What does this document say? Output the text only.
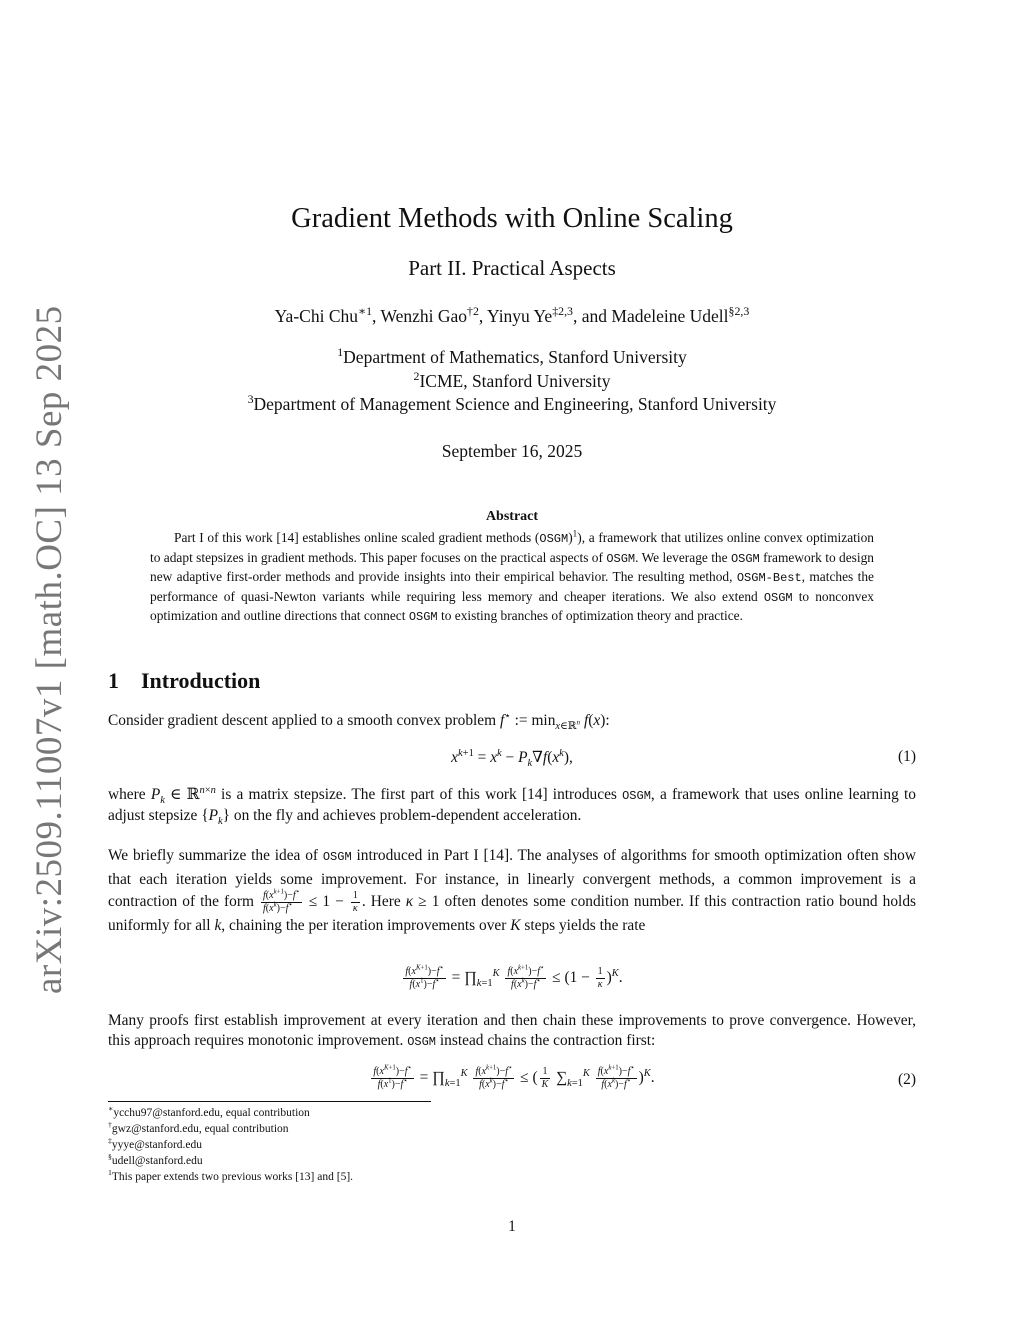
arXiv:2509.11007v1 [math.OC] 13 Sep 2025
Gradient Methods with Online Scaling
Part II. Practical Aspects
Ya-Chi Chu$^{∗1}$, Wenzhi Gao$^{\dagger 2}$, Yinyu Ye$^{\ddagger 2,3}$, and Madeleine Udell$^{\S 2,3}$
$^1$Department of Mathematics, Stanford University
$^2$ICME, Stanford University
$^3$Department of Management Science and Engineering, Stanford University
September 16, 2025
Abstract
Part I of this work [14] establishes online scaled gradient methods (OSGM)$^1$), a framework that utilizes online convex optimization to adapt stepsizes in gradient methods. This paper focuses on the practical aspects of OSGM. We leverage the OSGM framework to design new adaptive first-order methods and provide insights into their empirical behavior. The resulting method, OSGM-Best, matches the performance of quasi-Newton variants while requiring less memory and cheaper iterations. We also extend OSGM to nonconvex optimization and outline directions that connect OSGM to existing branches of optimization theory and practice.
1 Introduction
Consider gradient descent applied to a smooth convex problem f⋆ := $\min_{x\in ℝ^n} f(x)$:
$x^{k+1} = x^k - P_k\nabla f(x^k)$,	(1)
where $P_k$ ∈ ℝ$^{n\times n}$ is a matrix stepsize. The first part of this work [14] introduces OSGM, a framework that uses online learning to adjust stepsize $\{P_k\}$ on the fly and achieves problem-dependent acceleration.
We briefly summarize the idea of OSGM introduced in Part I [14]. The analyses of algorithms for smooth optimization often show that each iteration yields some improvement. For instance, in linearly convergent methods, a common improvement is a contraction of the form $\frac{f(x^{k+1})-f^⋆}{f(x^k)-f^⋆} \le 1 - \frac{1}{\kappa}$ . Here κ ≥ 1 often denotes some condition number. If this contraction ratio bound holds uniformly for all k, chaining the per iteration improvements over K steps yields the rate
$\frac{f(x^{K+1})-f^⋆}{f(x^1)-f^⋆}$ = $\prod_{k=1}^K \frac{f(x^{k+1})-f^⋆}{f(x^k)-f^⋆} \le (1 - \frac{1}{\kappa} )^K$.
Many proofs first establish improvement at every iteration and then chain these improvements to prove convergence. However, this approach requires monotonic improvement. OSGM instead chains the contraction first:
$\frac{f(x^{K+1})-f^⋆}{f(x^1)-f^⋆}$ = $\prod_{k=1}^K \frac{f(x^{k+1})-f^⋆}{f(x^k)-f^⋆}$ ≤ ( $\frac{1}{K} \sum_{k=1}^K \frac{f(x^{k+1})-f^⋆}{f(x^k)-f^⋆} )^K$.	(2)
∗ycchu97@stanford.edu, equal contribution
†gwz@stanford.edu, equal contribution
‡yyye@stanford.edu
§udell@stanford.edu
$^1$This paper extends two previous works [13] and [5].
1
